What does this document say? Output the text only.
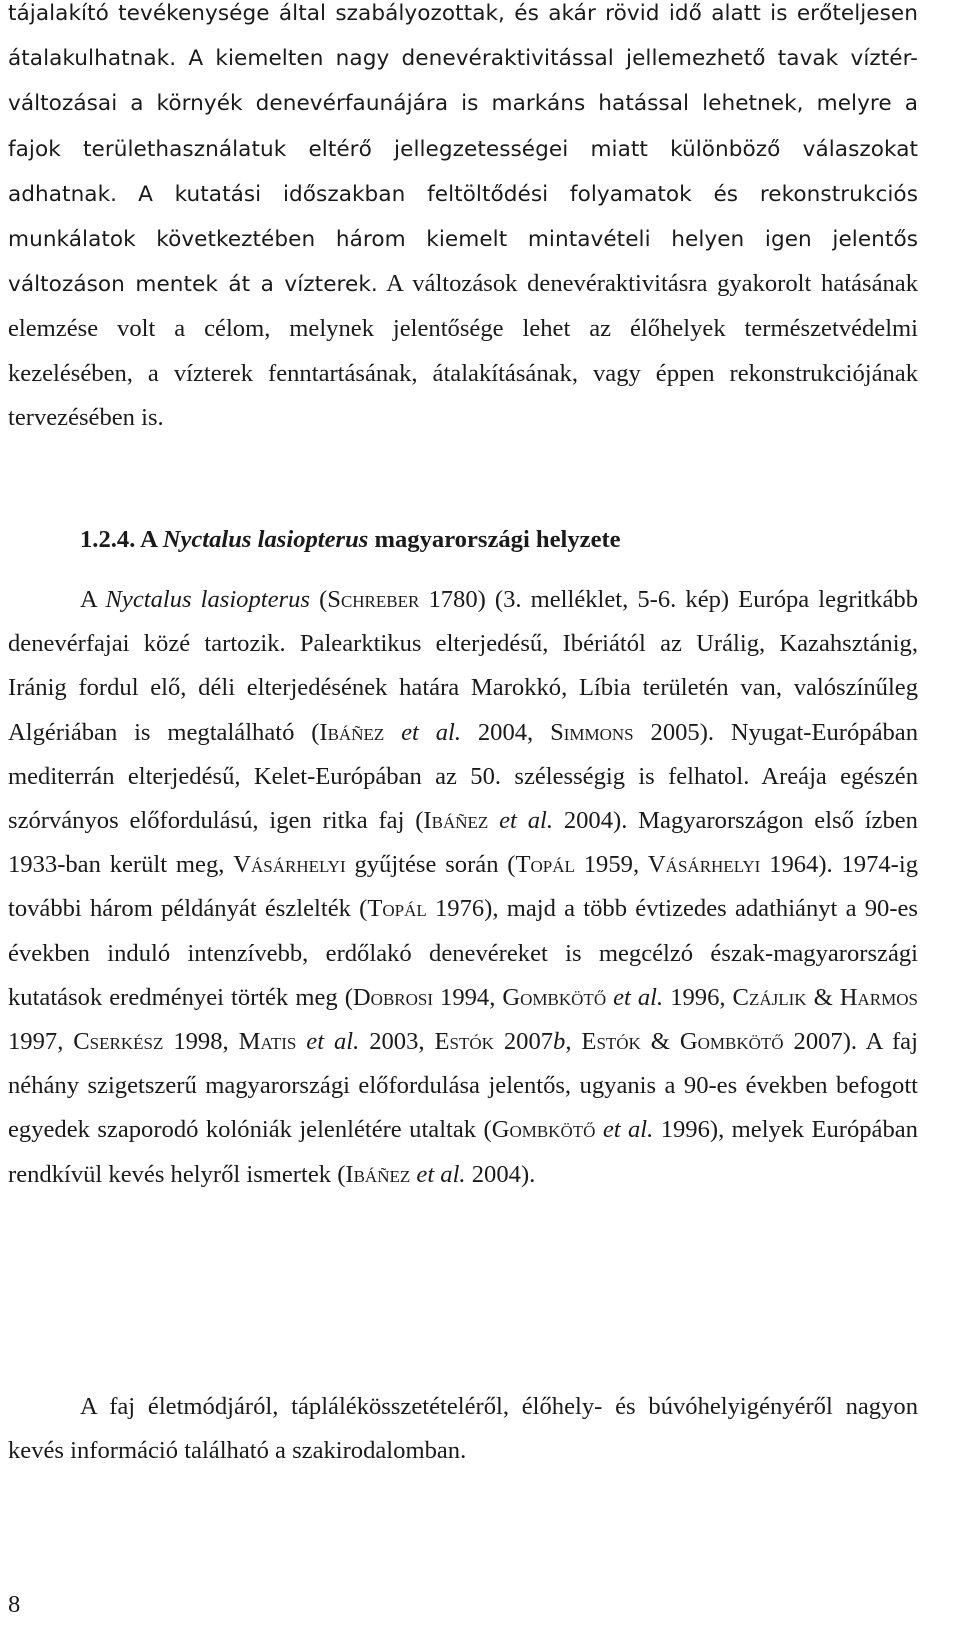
tájalakító tevékenysége által szabályozottak, és akár rövid idő alatt is erőteljesen átalakulhatnak. A kiemelten nagy denevéraktivitással jellemezhető tavak víztér-változásai a környék denevérfaunájára is markáns hatással lehetnek, melyre a fajok területhasználatuk eltérő jellegzetességei miatt különböző válaszokat adhatnak. A kutatási időszakban feltöltődési folyamatok és rekonstrukciós munkálatok következtében három kiemelt mintavételi helyen igen jelentős változáson mentek át a vízterek. A változások denevéraktivitásra gyakorolt hatásának elemzése volt a célom, melynek jelentősége lehet az élőhelyek természetvédelmi kezelésében, a vízterek fenntartásának, átalakításának, vagy éppen rekonstrukciójának tervezésében is.

1.2.4. A Nyctalus lasiopterus magyarországi helyzete

A Nyctalus lasiopterus (Schreber 1780) (3. melléklet, 5-6. kép) Európa legritkább denevérfajai közé tartozik. Palearktikus elterjedésű, Ibériától az Urálig, Kazahsztánig, Iránig fordul elő, déli elterjedésének határa Marokkó, Líbia területén van, valószínűleg Algériában is megtalálható (Ibáñez et al. 2004, Simmons 2005). Nyugat-Európában mediterrán elterjedésű, Kelet-Európában az 50. szélességig is felhatol. Areája egészén szórványos előfordulású, igen ritka faj (Ibáñez et al. 2004). Magyarországon első ízben 1933-ban került meg, Vásárhelyi gyűjtése során (Topál 1959, Vásárhelyi 1964). 1974-ig további három példányát észlelték (Topál 1976), majd a több évtizedes adathiányt a 90-es években induló intenzívebb, erdőlakó denevéreket is megcélzó észak-magyarországi kutatások eredményei törték meg (Dobrosi 1994, Gombkötő et al. 1996, Czájlik & Harmos 1997, Cserkész 1998, Matis et al. 2003, Estók 2007b, Estók & Gombkötő 2007). A faj néhány szigetszerű magyarországi előfordulása jelentős, ugyanis a 90-es években befogott egyedek szaporodó kolóniák jelenlétére utaltak (Gombkötő et al. 1996), melyek Európában rendkívül kevés helyről ismertek (Ibáñez et al. 2004).

A faj életmódjáról, táplálékösszetételéről, élőhely- és búvóhelyigényéről nagyon kevés információ található a szakirodalomban.

8
